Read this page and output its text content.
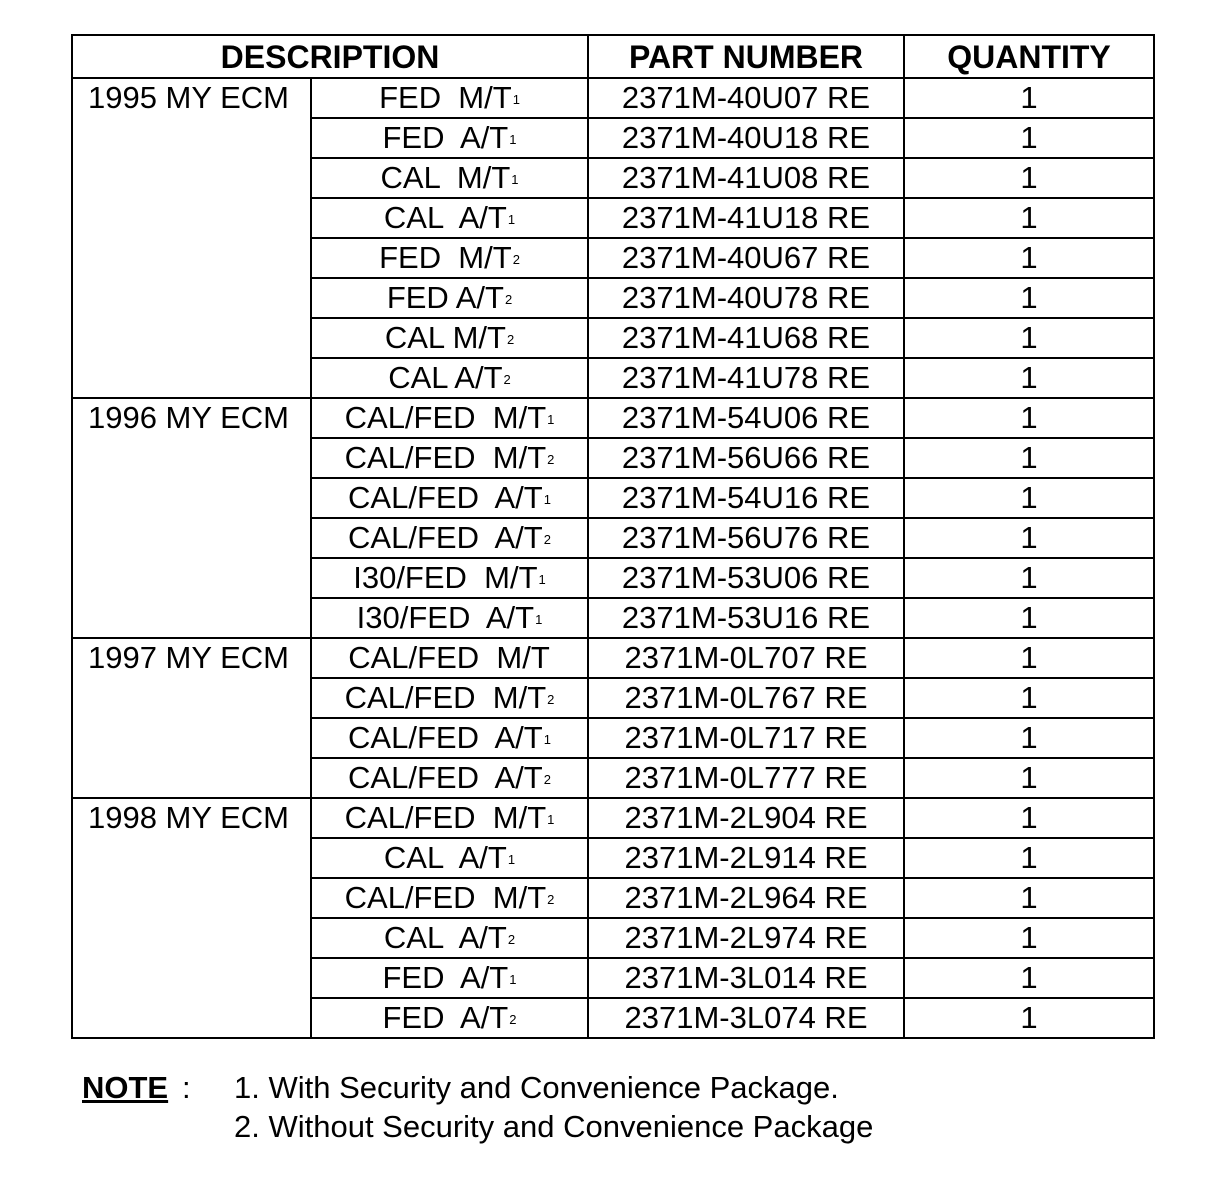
DESCRIPTION		PART NUMBER	QUANTITY

1995 MY ECM	FED  $M/T^1$	2371M-40U07 RE	1
	FED  $A/T^1$	2371M-40U18 RE	1
	CAL  $M/T^1$	2371M-41U08 RE	1
	CAL  $A/T^1$	2371M-41U18 RE	1
	FED  $M/T^2$	2371M-40U67 RE	1
	FED $A/T^2$	2371M-40U78 RE	1
	CAL $M/T^2$	2371M-41U68 RE	1
	CAL $A/T^2$	2371M-41U78 RE	1

1996 MY ECM	CAL/FED  $M/T^1$	2371M-54U06 RE	1
	CAL/FED  $M/T^2$	2371M-56U66 RE	1
	CAL/FED  $A/T^1$	2371M-54U16 RE	1
	CAL/FED  $A/T^2$	2371M-56U76 RE	1
	I30/FED  $M/T^1$	2371M-53U06 RE	1
	I30/FED  $A/T^1$	2371M-53U16 RE	1

1997 MY ECM	CAL/FED  M/T	2371M-0L707 RE	1
	CAL/FED  $M/T^2$	2371M-0L767 RE	1
	CAL/FED  $A/T^1$	2371M-0L717 RE	1
	CAL/FED  $A/T^2$	2371M-0L777 RE	1

1998 MY ECM	CAL/FED  $M/T^1$	2371M-2L904 RE	1
	CAL  $A/T^1$	2371M-2L914 RE	1
	CAL/FED  $M/T^2$	2371M-2L964 RE	1
	CAL  $A/T^2$	2371M-2L974 RE	1
	FED  $A/T^1$	2371M-3L014 RE	1
	FED  $A/T^2$	2371M-3L074 RE	1
NOTE : 1. With Security and Convenience Package.
2. Without Security and Convenience Package
